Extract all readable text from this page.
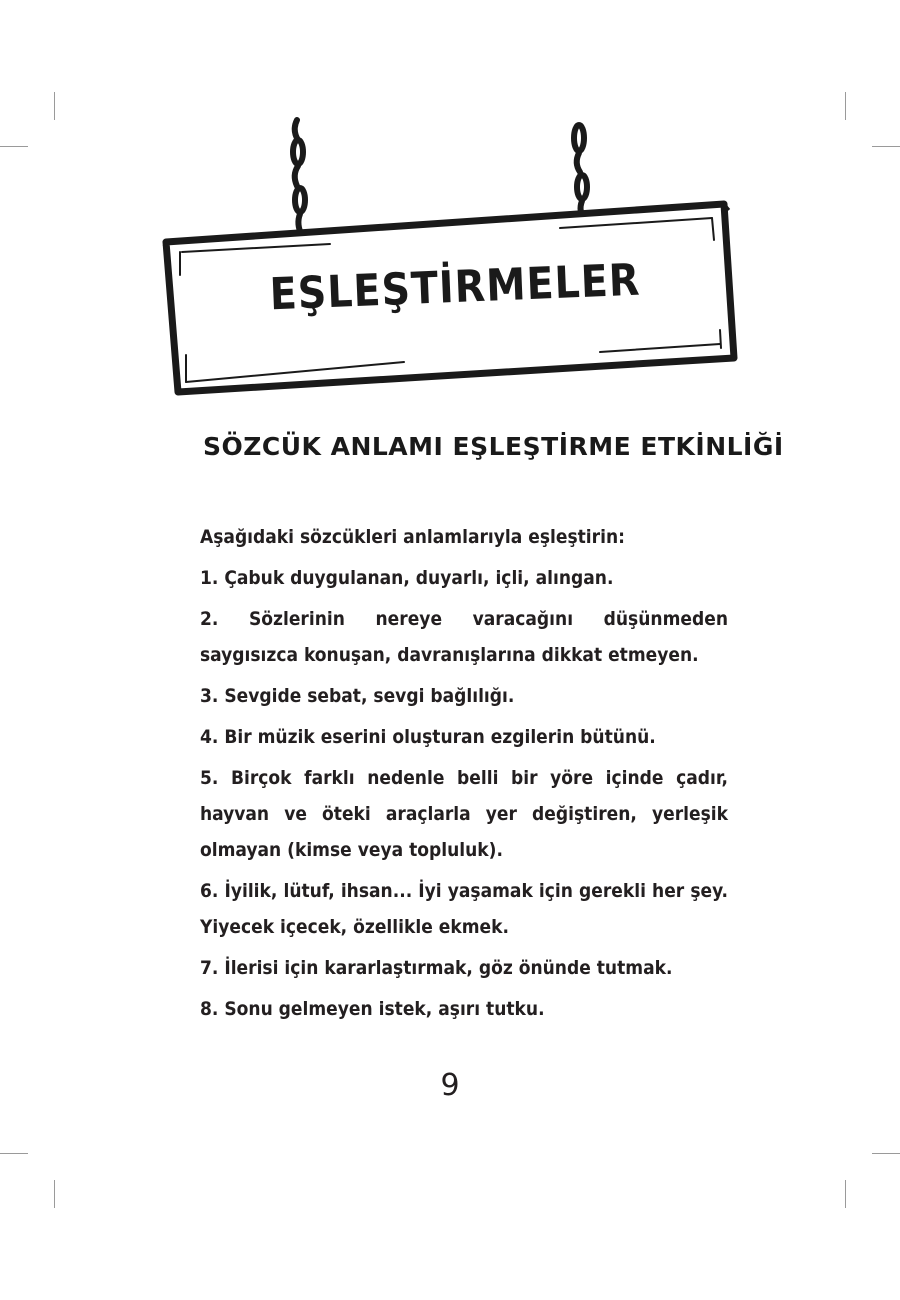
EŞLEŞTİRMELER
SÖZCÜK ANLAMI EŞLEŞTİRME ETKİNLİĞİ

Aşağıdaki sözcükleri anlamlarıyla eşleştirin:

1. Çabuk duygulanan, duyarlı, içli, alıngan.

2. Sözlerinin nereye varacağını düşünmeden saygısızca konuşan, davranışlarına dikkat etmeyen.

3. Sevgide sebat, sevgi bağlılığı.

4. Bir müzik eserini oluşturan ezgilerin bütünü.

5. Birçok farklı nedenle belli bir yöre içinde çadır, hayvan ve öteki araçlarla yer değiştiren, yerleşik olmayan (kimse veya topluluk).

6. İyilik, lütuf, ihsan... İyi yaşamak için gerekli her şey. Yiyecek içecek, özellikle ekmek.

7. İlerisi için kararlaştırmak, göz önünde tutmak.

8. Sonu gelmeyen istek, aşırı tutku.

9
